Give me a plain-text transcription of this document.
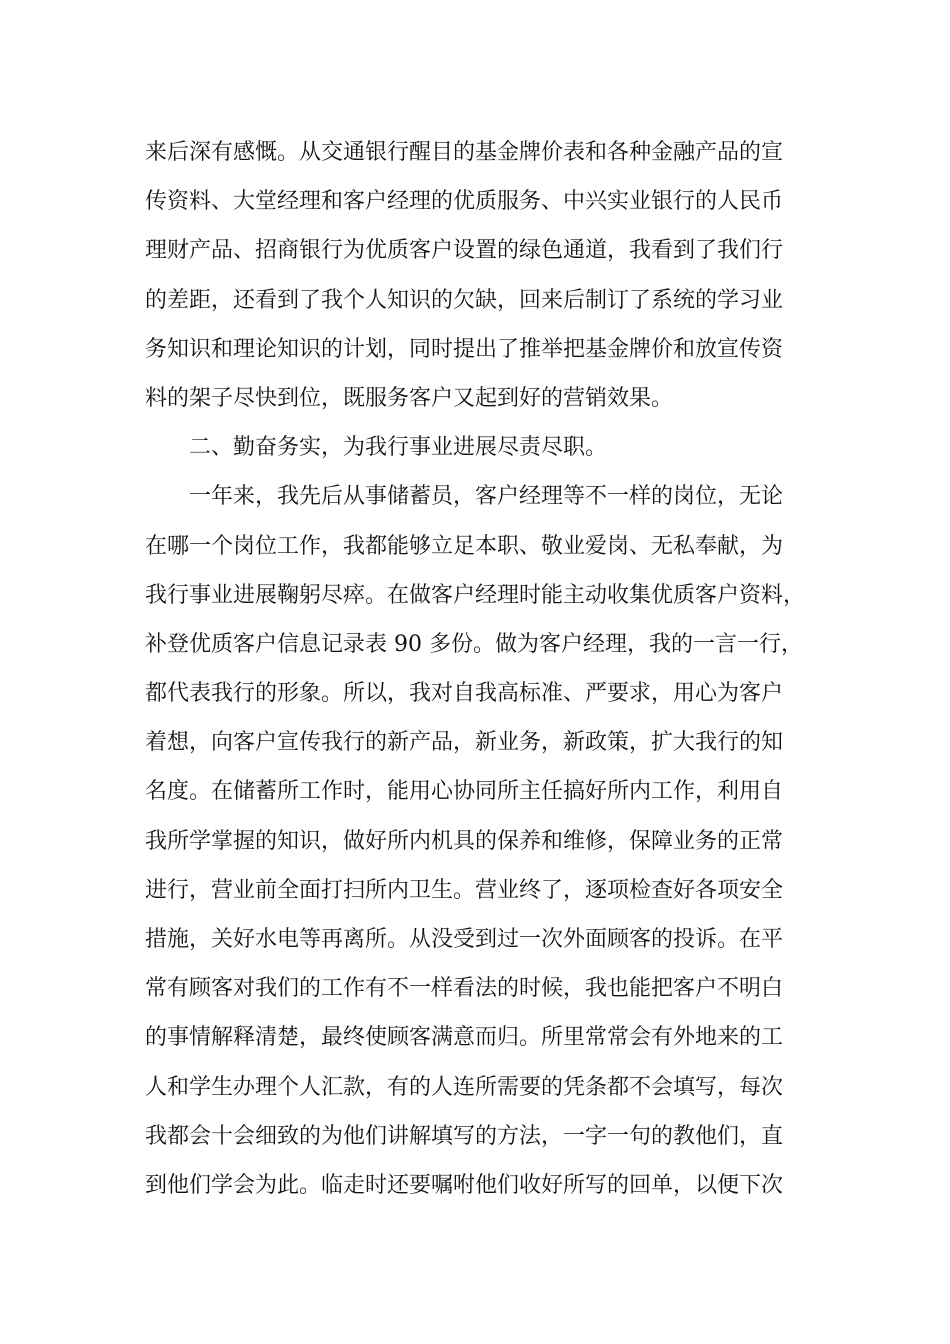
来后深有感慨。从交通银行醒目的基金牌价表和各种金融产品的宣
传资料、大堂经理和客户经理的优质服务、中兴实业银行的人民币
理财产品、招商银行为优质客户设置的绿色通道，我看到了我们行
的差距，还看到了我个人知识的欠缺，回来后制订了系统的学习业
务知识和理论知识的计划，同时提出了推举把基金牌价和放宣传资
料的架子尽快到位，既服务客户又起到好的营销效果。
二、勤奋务实，为我行事业进展尽责尽职。
一年来，我先后从事储蓄员，客户经理等不一样的岗位，无论
在哪一个岗位工作，我都能够立足本职、敬业爱岗、无私奉献，为
我行事业进展鞠躬尽瘁。在做客户经理时能主动收集优质客户资料，
补登优质客户信息记录表 90 多份。做为客户经理，我的一言一行，
都代表我行的形象。所以，我对自我高标准、严要求，用心为客户
着想，向客户宣传我行的新产品，新业务，新政策，扩大我行的知
名度。在储蓄所工作时，能用心协同所主任搞好所内工作，利用自
我所学掌握的知识，做好所内机具的保养和维修，保障业务的正常
进行，营业前全面打扫所内卫生。营业终了，逐项检查好各项安全
措施，关好水电等再离所。从没受到过一次外面顾客的投诉。在平
常有顾客对我们的工作有不一样看法的时候，我也能把客户不明白
的事情解释清楚，最终使顾客满意而归。所里常常会有外地来的工
人和学生办理个人汇款，有的人连所需要的凭条都不会填写，每次
我都会十会细致的为他们讲解填写的方法，一字一句的教他们，直
到他们学会为此。临走时还要嘱咐他们收好所写的回单，以便下次
